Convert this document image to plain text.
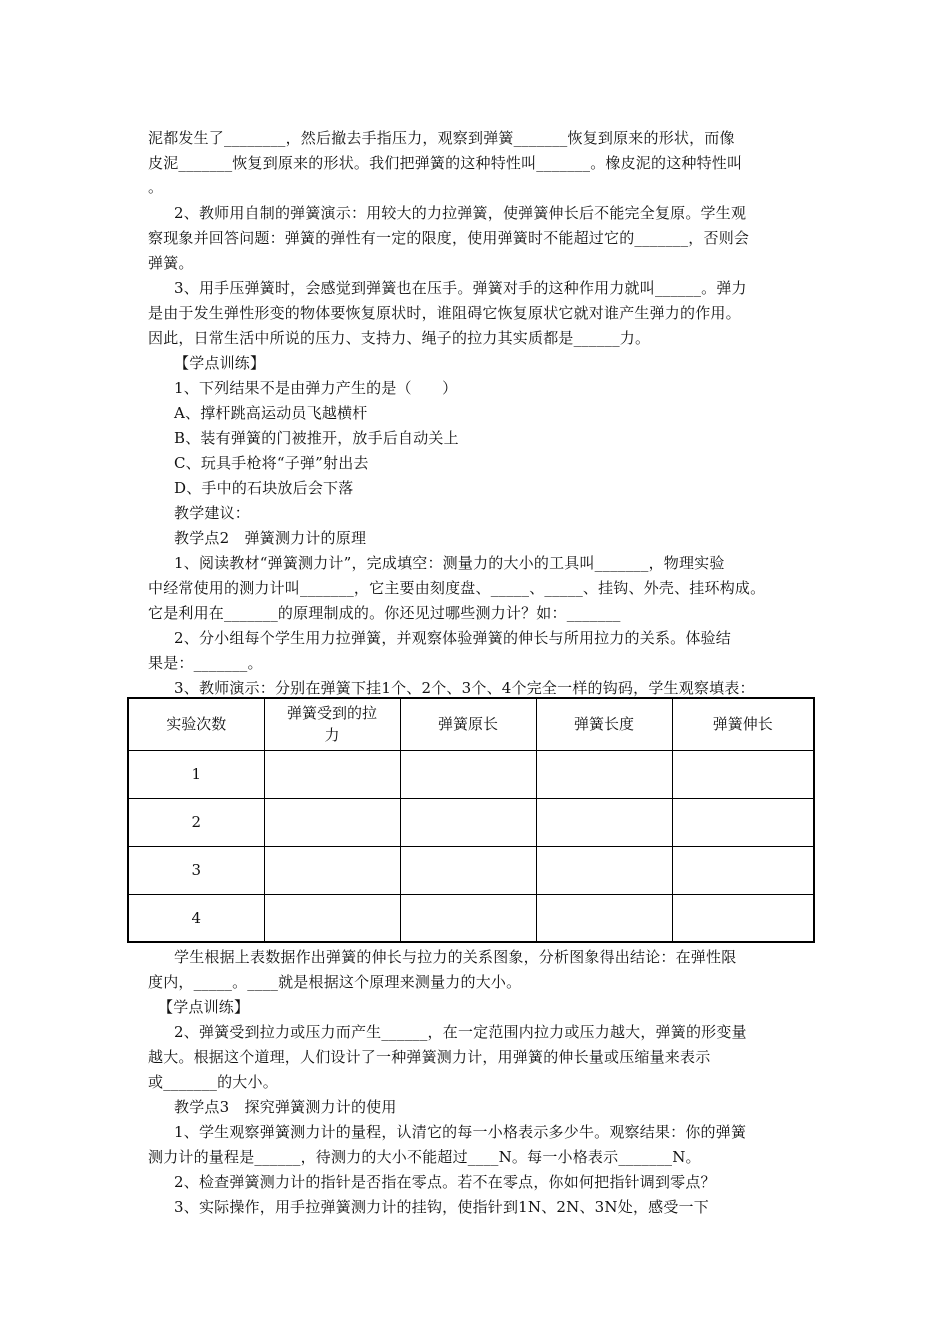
泥都发生了________，然后撤去手指压力，观察到弹簧_______恢复到原来的形状，而像
皮泥_______恢复到原来的形状。我们把弹簧的这种特性叫_______。橡皮泥的这种特性叫
。
2、教师用自制的弹簧演示：用较大的力拉弹簧，使弹簧伸长后不能完全复原。学生观
察现象并回答问题：弹簧的弹性有一定的限度，使用弹簧时不能超过它的_______，否则会
弹簧。
3、用手压弹簧时，会感觉到弹簧也在压手。弹簧对手的这种作用力就叫______。弹力
是由于发生弹性形变的物体要恢复原状时，谁阻碍它恢复原状它就对谁产生弹力的作用。
因此，日常生活中所说的压力、支持力、绳子的拉力其实质都是______力。
【学点训练】
1、下列结果不是由弹力产生的是（　　）
A、撑杆跳高运动员飞越横杆
B、装有弹簧的门被推开，放手后自动关上
C、玩具手枪将“子弹”射出去
D、手中的石块放后会下落
教学建议：
教学点2　弹簧测力计的原理
1、阅读教材“弹簧测力计”，完成填空：测量力的大小的工具叫_______，物理实验
中经常使用的测力计叫_______，它主要由刻度盘、_____、_____、挂钩、外壳、挂环构成。
它是利用在_______的原理制成的。你还见过哪些测力计？如：_______
2、分小组每个学生用力拉弹簧，并观察体验弹簧的伸长与所用拉力的关系。体验结
果是：_______。
3、教师演示：分别在弹簧下挂1个、2个、3个、4个完全一样的钩码，学生观察填表：
实验次数	弹簧受到的拉力	弹簧原长	弹簧长度	弹簧伸长
1				
2				
3				
4				
学生根据上表数据作出弹簧的伸长与拉力的关系图象，分析图象得出结论：在弹性限
度内，_____。____就是根据这个原理来测量力的大小。
【学点训练】
2、弹簧受到拉力或压力而产生______，在一定范围内拉力或压力越大，弹簧的形变量
越大。根据这个道理，人们设计了一种弹簧测力计，用弹簧的伸长量或压缩量来表示
或_______的大小。
教学点3　探究弹簧测力计的使用
1、学生观察弹簧测力计的量程，认清它的每一小格表示多少牛。观察结果：你的弹簧
测力计的量程是______，待测力的大小不能超过____N。每一小格表示_______N。
2、检查弹簧测力计的指针是否指在零点。若不在零点，你如何把指针调到零点？
3、实际操作，用手拉弹簧测力计的挂钩，使指针到1N、2N、3N处，感受一下
